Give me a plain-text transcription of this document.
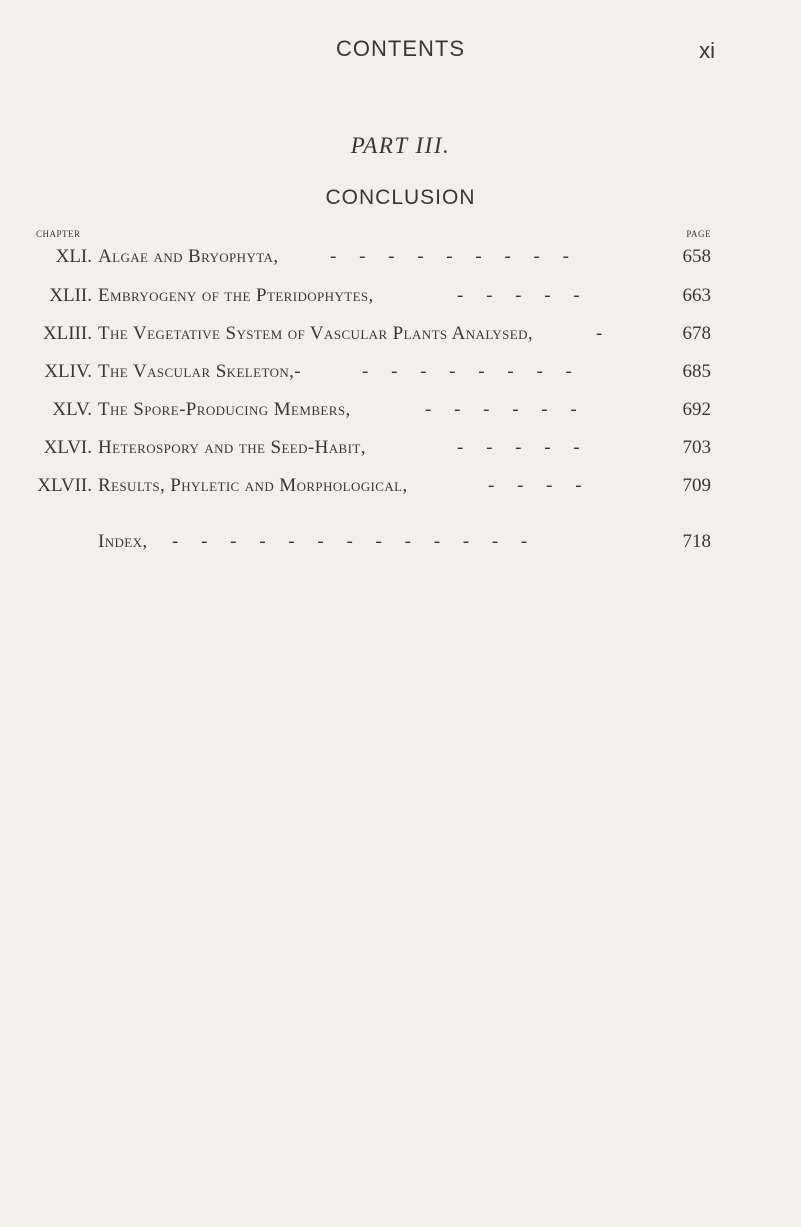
CONTENTS	xi
PART III.
CONCLUSION
CHAPTER	PAGE
XLI. Algae and Bryophyta,	- - - - - - - - -	658
XLII. Embryogeny of the Pteridophytes,	- - - - -	663
XLIII. The Vegetative System of Vascular Plants Analysed,	-	678
XLIV. The Vascular Skeleton,-	- - - - - - - -	685
XLV. The Spore-Producing Members,	- - - - - -	692
XLVI. Heterospory and the Seed-Habit,	- - - - -	703
XLVII. Results, Phyletic and Morphological,	- - - -	709
Index, - - - - - - - - - - - - -	718
